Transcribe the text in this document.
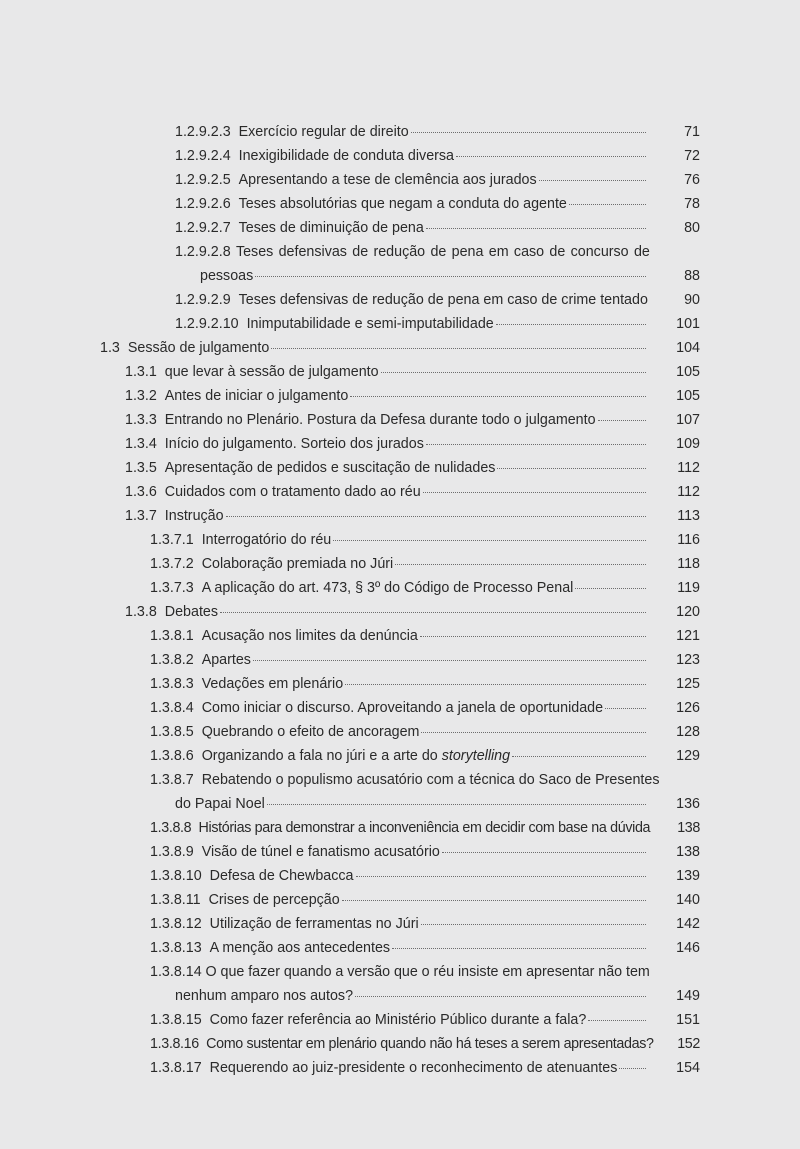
1.2.9.2.3 Exercício regular de direito	71
1.2.9.2.4 Inexigibilidade de conduta diversa	72
1.2.9.2.5 Apresentando a tese de clemência aos jurados	76
1.2.9.2.6 Teses absolutórias que negam a conduta do agente	78
1.2.9.2.7 Teses de diminuição de pena	80
1.2.9.2.8 Teses defensivas de redução de pena em caso de concurso de
pessoas	88
1.2.9.2.9 Teses defensivas de redução de pena em caso de crime tentado	90
1.2.9.2.10 Inimputabilidade e semi-imputabilidade	101
1.3 Sessão de julgamento	104
1.3.1 que levar à sessão de julgamento	105
1.3.2 Antes de iniciar o julgamento	105
1.3.3 Entrando no Plenário. Postura da Defesa durante todo o julgamento	107
1.3.4 Início do julgamento. Sorteio dos jurados	109
1.3.5 Apresentação de pedidos e suscitação de nulidades	112
1.3.6 Cuidados com o tratamento dado ao réu	112
1.3.7 Instrução	113
1.3.7.1 Interrogatório do réu	116
1.3.7.2 Colaboração premiada no Júri	118
1.3.7.3 A aplicação do art. 473, § 3º do Código de Processo Penal	119
1.3.8 Debates	120
1.3.8.1 Acusação nos limites da denúncia	121
1.3.8.2 Apartes	123
1.3.8.3 Vedações em plenário	125
1.3.8.4 Como iniciar o discurso. Aproveitando a janela de oportunidade	126
1.3.8.5 Quebrando o efeito de ancoragem	128
1.3.8.6 Organizando a fala no júri e a arte do storytelling	129
1.3.8.7 Rebatendo o populismo acusatório com a técnica do Saco de Presentes
do Papai Noel	136
1.3.8.8 Histórias para demonstrar a inconveniência em decidir com base na dúvida	138
1.3.8.9 Visão de túnel e fanatismo acusatório	138
1.3.8.10 Defesa de Chewbacca	139
1.3.8.11 Crises de percepção	140
1.3.8.12 Utilização de ferramentas no Júri	142
1.3.8.13 A menção aos antecedentes	146
1.3.8.14 O que fazer quando a versão que o réu insiste em apresentar não tem
nenhum amparo nos autos?	149
1.3.8.15 Como fazer referência ao Ministério Público durante a fala?	151
1.3.8.16 Como sustentar em plenário quando não há teses a serem apresentadas?	152
1.3.8.17 Requerendo ao juiz-presidente o reconhecimento de atenuantes	154
